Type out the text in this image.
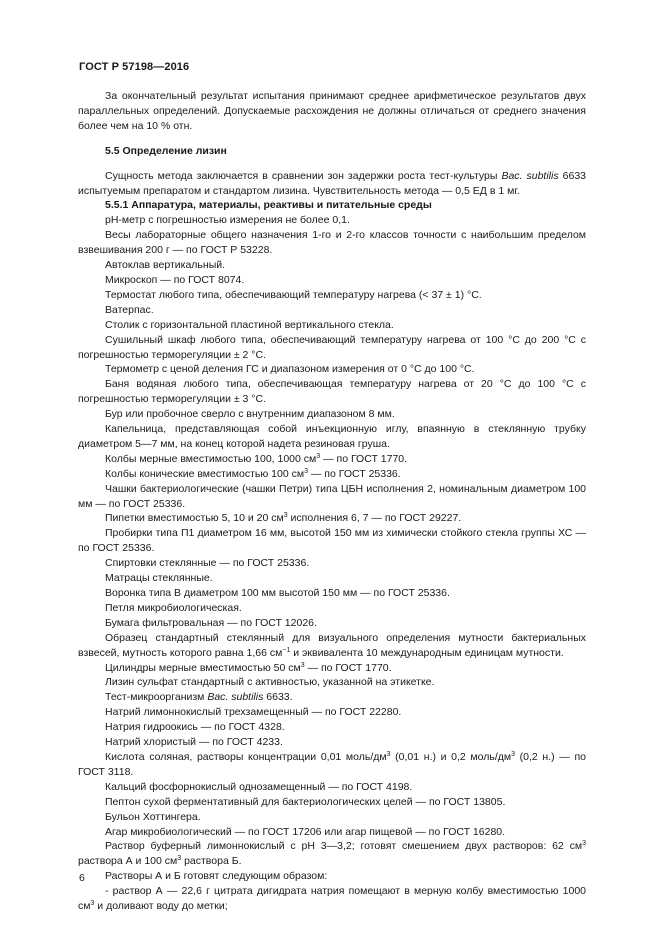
ГОСТ Р 57198—2016

За окончательный результат испытания принимают среднее арифметическое результатов двух параллельных определений. Допускаемые расхождения не должны отличаться от среднего значения более чем на 10 % отн.

5.5 Определение лизин

Сущность метода заключается в сравнении зон задержки роста тест-культуры Bac. subtilis 6633 испытуемым препаратом и стандартом лизина. Чувствительность метода — 0,5 ЕД в 1 мг.

5.5.1 Аппаратура, материалы, реактивы и питательные среды

pH-метр с погрешностью измерения не более 0,1.

Весы лабораторные общего назначения 1-го и 2-го классов точности с наибольшим пределом взвешивания 200 г — по ГОСТ Р 53228.

Автоклав вертикальный.

Микроскоп — по ГОСТ 8074.

Термостат любого типа, обеспечивающий температуру нагрева (< 37 ± 1) °С.

Ватерпас.

Столик с горизонтальной пластиной вертикального стекла.

Сушильный шкаф любого типа, обеспечивающий температуру нагрева от 100 °С до 200 °С с погрешностью терморегуляции ± 2 °С.

Термометр с ценой деления ГС и диапазоном измерения от 0 °С до 100 °С.

Баня водяная любого типа, обеспечивающая температуру нагрева от 20 °С до 100 °С с погрешностью терморегуляции ± 3 °С.

Бур или пробочное сверло с внутренним диапазоном 8 мм.

Капельница, представляющая собой инъекционную иглу, впаянную в стеклянную трубку диаметром 5—7 мм, на конец которой надета резиновая груша.

Колбы мерные вместимостью 100, 1000 $см^3$ — по ГОСТ 1770.

Колбы конические вместимостью 100 $см^3$ — по ГОСТ 25336.

Чашки бактериологические (чашки Петри) типа ЦБН исполнения 2, номинальным диаметром 100 мм — по ГОСТ 25336.

Пипетки вместимостью 5, 10 и 20 $см^3$ исполнения 6, 7 — по ГОСТ 29227.

Пробирки типа П1 диаметром 16 мм, высотой 150 мм из химически стойкого стекла группы ХС — по ГОСТ 25336.

Спиртовки стеклянные — по ГОСТ 25336.

Матрацы стеклянные.

Воронка типа В диаметром 100 мм высотой 150 мм — по ГОСТ 25336.

Петля микробиологическая.

Бумага фильтровальная — по ГОСТ 12026.

Образец стандартный стеклянный для визуального определения мутности бактериальных взвесей, мутность которого равна 1,66 $см^{-1}$ и эквивалента 10 международным единицам мутности.

Цилиндры мерные вместимостью 50 $см^3$ — по ГОСТ 1770.

Лизин сульфат стандартный с активностью, указанной на этикетке.

Тест-микроорганизм Bac. subtilis 6633.

Натрий лимоннокислый трехзамещенный — по ГОСТ 22280.

Натрия гидроокись — по ГОСТ 4328.

Натрий хлористый — по ГОСТ 4233.

Кислота соляная, растворы концентрации 0,01 моль/$дм^3$ (0,01 н.) и 0,2 моль/$дм^3$ (0,2 н.) — по ГОСТ 3118.

Кальций фосфорнокислый однозамещенный — по ГОСТ 4198.

Пептон сухой ферментативный для бактериологических целей — по ГОСТ 13805.

Бульон Хоттингера.

Агар микробиологический — по ГОСТ 17206 или агар пищевой — по ГОСТ 16280.

Раствор буферный лимоннокислый с pH 3—3,2; готовят смешением двух растворов: 62 $см^3$ раствора А и 100 $см^3$ раствора Б.

Растворы А и Б готовят следующим образом:

- раствор А — 22,6 г цитрата дигидрата натрия помещают в мерную колбу вместимостью 1000 $см^3$ и доливают воду до метки;

6
